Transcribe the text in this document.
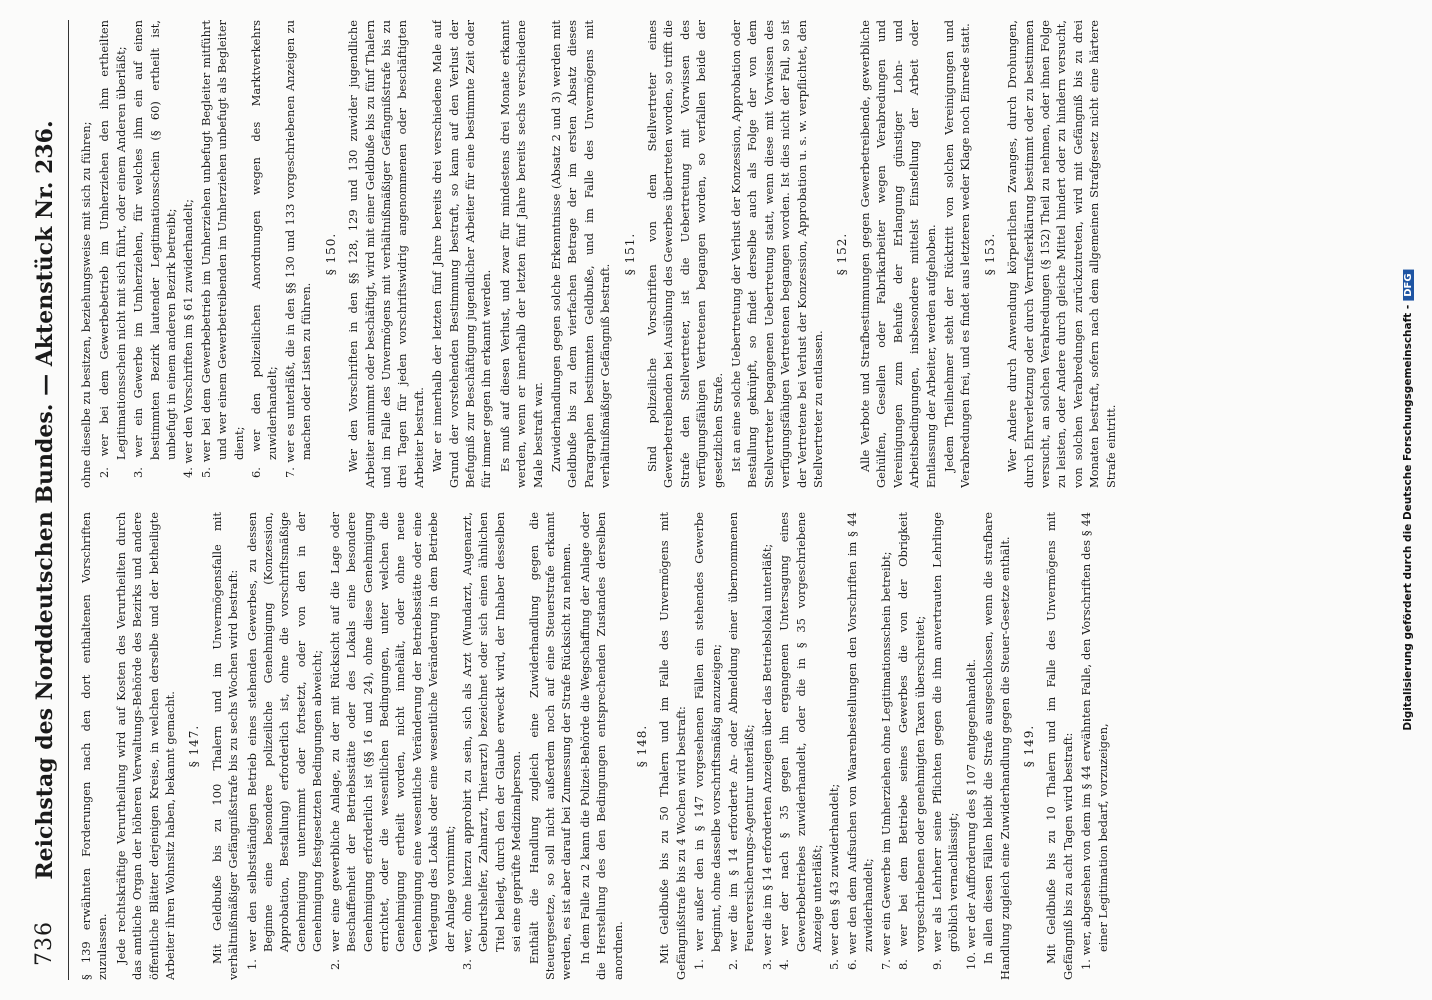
736
Reichstag des Norddeutschen Bundes. — Aktenstück Nr. 236. § 139 erwähnten Forderungen nach den dort enthaltenen Vorschriften zuzulassen. Jede rechtskräftige Verurtheilung wird auf Kosten des Verurtheilten durch das amtliche Organ der höheren Verwaltungs-Behörde des Bezirks und andere öffentliche Blätter derjenigen Kreise, in welchen derselbe und der betheiligte Arbeiter ihren Wohnsitz haben, bekannt gemacht. § 147. Mit Geldbuße bis zu 100 Thalern und im Unvermögensfalle mit verhältnißmäßiger Gefängnißstrafe bis zu sechs Wochen wird bestraft: 1. wer den selbstständigen Betrieb eines stehenden Gewerbes, zu dessen Beginne eine besondere polizeiliche Genehmigung (Konzession, Approbation, Bestallung) erforderlich ist, ohne die vorschriftsmäßige Genehmigung unternimmt oder fortsetzt, oder von den in der Genehmigung festgesetzten Bedingungen abweicht;

2. wer eine gewerbliche Anlage, zu der mit Rücksicht auf die Lage oder Beschaffenheit der Betriebsstätte oder des Lokals eine besondere Genehmigung erforderlich ist (§§ 16 und 24), ohne diese Genehmigung errichtet, oder die wesentlichen Bedingungen, unter welchen die Genehmigung ertheilt worden, nicht innehält, oder ohne neue Genehmigung eine wesentliche Veränderung der Betriebsstätte oder eine Verlegung des Lokals oder eine wesentliche Veränderung in dem Betriebe der Anlage vornimmt;

3. wer, ohne hierzu approbirt zu sein, sich als Arzt (Wundarzt, Augenarzt, Geburtshelfer, Zahnarzt, Thierarzt) bezeichnet oder sich einen ähnlichen Titel beilegt, durch den der Glaube erweckt wird, der Inhaber desselben sei eine geprüfte Medizinalperson. Enthält die Handlung zugleich eine Zuwiderhandlung gegen die Steuergesetze, so soll nicht außerdem noch auf eine Steuerstrafe erkannt werden, es ist aber darauf bei Zumessung der Strafe Rücksicht zu nehmen. In dem Falle zu 2 kann die Polizei-Behörde die Wegschaffung der Anlage oder die Herstellung des den Bedingungen entsprechenden Zustandes derselben anordnen.

§ 148. Mit Geldbuße bis zu 50 Thalern und im Falle des Unvermögens mit Gefängnißstrafe bis zu 4 Wochen wird bestraft: 1. wer außer den in § 147 vorgesehenen Fällen ein stehendes Gewerbe beginnt, ohne dasselbe vorschriftsmäßig anzuzeigen;

2. wer die im § 14 erforderte An- oder Abmeldung einer übernommenen Feuerversicherungs-Agentur unterläßt;

3. wer die im § 14 erforderten Anzeigen über das Betriebslokal unterläßt;

4. wer der nach § 35 gegen ihn ergangenen Untersagung eines Gewerbebetriebes zuwiderhandelt, oder die in § 35 vorgeschriebene Anzeige unterläßt;

5. wer den § 43 zuwiderhandelt;

6. wer den dem Aufsuchen von Waarenbestellungen den Vorschriften im § 44 zuwiderhandelt;

7. wer ein Gewerbe im Umherziehen ohne Legitimationsschein betreibt;

8. wer bei dem Betriebe seines Gewerbes die von der Obrigkeit vorgeschriebenen oder genehmigten Taxen überschreitet;

9. wer als Lehrherr seine Pflichten gegen die ihm anvertrauten Lehrlinge gröblich vernachlässigt;

10. wer der Aufforderung des § 107 entgegenhandelt. In allen diesen Fällen bleibt die Strafe ausgeschlossen, wenn die strafbare Handlung zugleich eine Zuwiderhandlung gegen die Steuer-Gesetze enthält. § 149. Mit Geldbuße bis zu 10 Thalern und im Falle des Unvermögens mit Gefängniß bis zu acht Tagen wird bestraft: 1. wer, abgesehen von dem im § 44 erwähnten Falle, den Vorschriften des § 44 einer Legitimation bedarf, vorzuzeigen,

ohne dieselbe zu besitzen, beziehungsweise mit sich zu führen; 2. wer bei dem Gewerbebetrieb im Umherziehen den ihm ertheilten Legitimationsschein nicht mit sich führt, oder einem Anderen überläßt;

3. wer ein Gewerbe im Umherziehen, für welches ihm ein auf einen bestimmten Bezirk lautender Legitimationsschein (§ 60) ertheilt ist, unbefugt in einem anderen Bezirk betreibt;

4. wer den Vorschriften im § 61 zuwiderhandelt;

5. wer bei dem Gewerbebetrieb im Umherziehen unbefugt Begleiter mitführt und wer einem Gewerbetreibenden im Umherziehen unbefugt als Begleiter dient;

6. wer den polizeilichen Anordnungen wegen des Marktverkehrs zuwiderhandelt;

7. wer es unterläßt, die in den §§ 130 und 133 vorgeschriebenen Anzeigen zu machen oder Listen zu führen.

§ 150. Wer den Vorschriften in den §§ 128, 129 und 130 zuwider jugendliche Arbeiter annimmt oder beschäftigt, wird mit einer Geldbuße bis zu fünf Thalern und im Falle des Unvermögens mit verhältnißmäßiger Gefängnißstrafe bis zu drei Tagen für jeden vorschriftswidrig angenommenen oder beschäftigten Arbeiter bestraft. War er innerhalb der letzten fünf Jahre bereits drei verschiedene Male auf Grund der vorstehenden Bestimmung bestraft, so kann auf den Verlust der Befugniß zur Beschäftigung jugendlicher Arbeiter für eine bestimmte Zeit oder für immer gegen ihn erkannt werden. Es muß auf diesen Verlust, und zwar für mindestens drei Monate erkannt werden, wenn er innerhalb der letzten fünf Jahre bereits sechs verschiedene Male bestraft war. Zuwiderhandlungen gegen solche Erkenntnisse (Absatz 2 und 3) werden mit Geldbuße bis zu dem vierfachen Betrage der im ersten Absatz dieses Paragraphen bestimmten Geldbuße, und im Falle des Unvermögens mit verhältnißmäßiger Gefängniß bestraft.

§ 151. Sind polizeiliche Vorschriften von dem Stellvertreter eines Gewerbetreibenden bei Ausübung des Gewerbes übertreten worden, so trifft die Strafe den Stellvertreter, ist die Uebertretung mit Vorwissen des verfügungsfähigen Vertretenen begangen worden, so verfallen beide der gesetzlichen Strafe. Ist an eine solche Uebertretung der Verlust der Konzession, Approbation oder Bestallung geknüpft, so findet derselbe auch als Folge der von dem Stellvertreter begangenen Uebertretung statt, wenn diese mit Vorwissen des verfügungsfähigen Vertretenen begangen worden. Ist dies nicht der Fall, so ist der Vertretene bei Verlust der Konzession, Approbation u. s. w. verpflichtet, den Stellvertreter zu entlassen.

§ 152. Alle Verbote und Strafbestimmungen gegen Gewerbetreibende, gewerbliche Gehülfen, Gesellen oder Fabrikarbeiter wegen Verabredungen und Vereinigungen zum Behufe der Erlangung günstiger Lohn- und Arbeitsbedingungen, insbesondere mittelst Einstellung der Arbeit oder Entlassung der Arbeiter, werden aufgehoben. Jedem Theilnehmer steht der Rücktritt von solchen Vereinigungen und Verabredungen frei, und es findet aus letzteren weder Klage noch Einrede statt. § 153. Wer Andere durch Anwendung körperlichen Zwanges, durch Drohungen, durch Ehrverletzung oder durch Verrufserklärung bestimmt oder zu bestimmen versucht, an solchen Verabredungen (§ 152) Theil zu nehmen, oder ihnen Folge zu leisten, oder Andere durch gleiche Mittel hindert oder zu hindern versucht, von solchen Verabredungen zurückzutreten, wird mit Gefängniß bis zu drei Monaten bestraft, sofern nach dem allgemeinen Strafgesetz nicht eine härtere Strafe eintritt.	Digitalisierung gefördert durch die Deutsche Forschungsgemeinschaft -DFG
